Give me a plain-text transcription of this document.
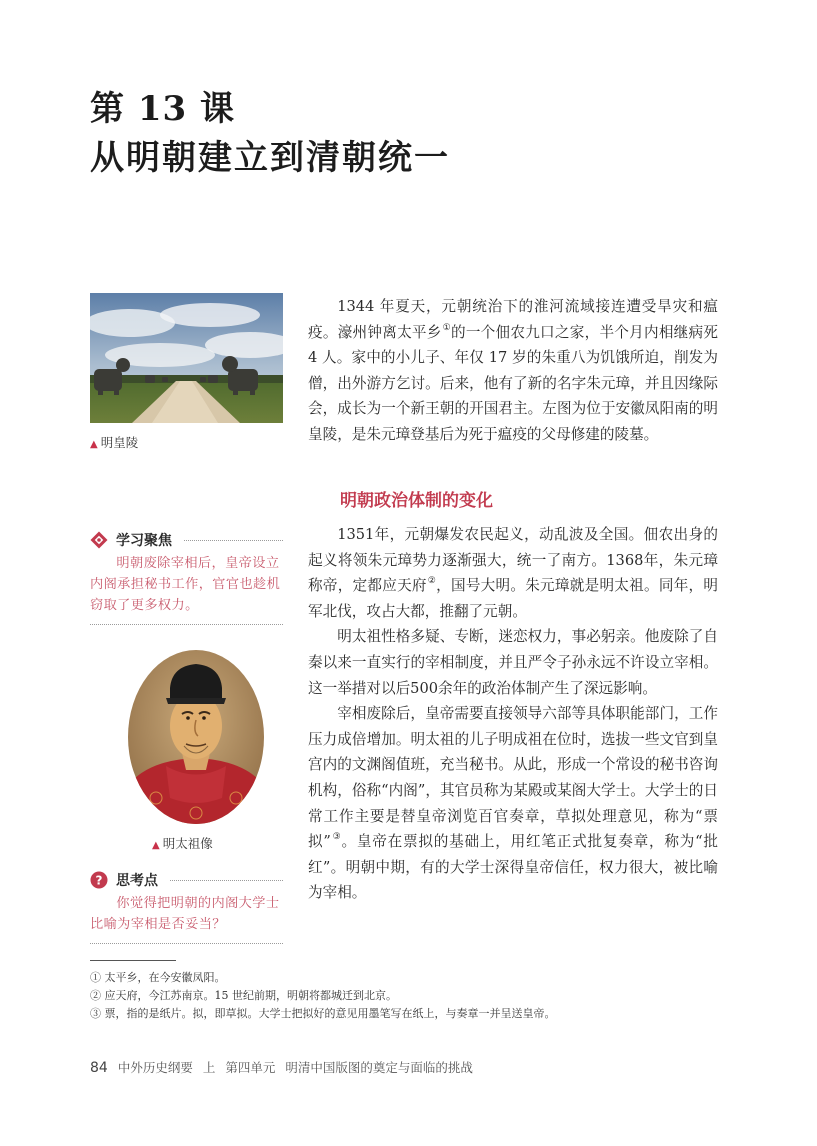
第 13 课
从明朝建立到清朝统一
▲ 明皇陵

1344 年夏天，元朝统治下的淮河流域接连遭受旱灾和瘟疫。濠州钟离太平乡①的一个佃农九口之家，半个月内相继病死 4 人。家中的小儿子、年仅 17 岁的朱重八为饥饿所迫，削发为僧，出外游方乞讨。后来，他有了新的名字朱元璋，并且因缘际会，成长为一个新王朝的开国君主。左图为位于安徽凤阳南的明皇陵，是朱元璋登基后为死于瘟疫的父母修建的陵墓。

明朝政治体制的变化

1351年，元朝爆发农民起义，动乱波及全国。佃农出身的起义将领朱元璋势力逐渐强大，统一了南方。1368年，朱元璋称帝，定都应天府②，国号大明。朱元璋就是明太祖。同年，明军北伐，攻占大都，推翻了元朝。

明太祖性格多疑、专断，迷恋权力，事必躬亲。他废除了自秦以来一直实行的宰相制度，并且严令子孙永远不许设立宰相。这一举措对以后500余年的政治体制产生了深远影响。

宰相废除后，皇帝需要直接领导六部等具体职能部门，工作压力成倍增加。明太祖的儿子明成祖在位时，选拔一些文官到皇宫内的文渊阁值班，充当秘书。从此，形成一个常设的秘书咨询机构，俗称“内阁”，其官员称为某殿或某阁大学士。大学士的日常工作主要是替皇帝浏览百官奏章，草拟处理意见，称为“票拟”③。皇帝在票拟的基础上，用红笔正式批复奏章，称为“批红”。明朝中期，有的大学士深得皇帝信任，权力很大，被比喻为宰相。

学习聚焦
明朝废除宰相后，皇帝设立内阁承担秘书工作，官官也趁机窃取了更多权力。
▲ 明太祖像
? 思考点
你觉得把明朝的内阁大学士比喻为宰相是否妥当？
① 太平乡，在今安徽凤阳。
② 应天府，今江苏南京。15 世纪前期，明朝将都城迁到北京。
③ 票，指的是纸片。拟，即草拟。大学士把拟好的意见用墨笔写在纸上，与奏章一并呈送皇帝。
84 中外历史纲要 上 第四单元 明清中国版图的奠定与面临的挑战
